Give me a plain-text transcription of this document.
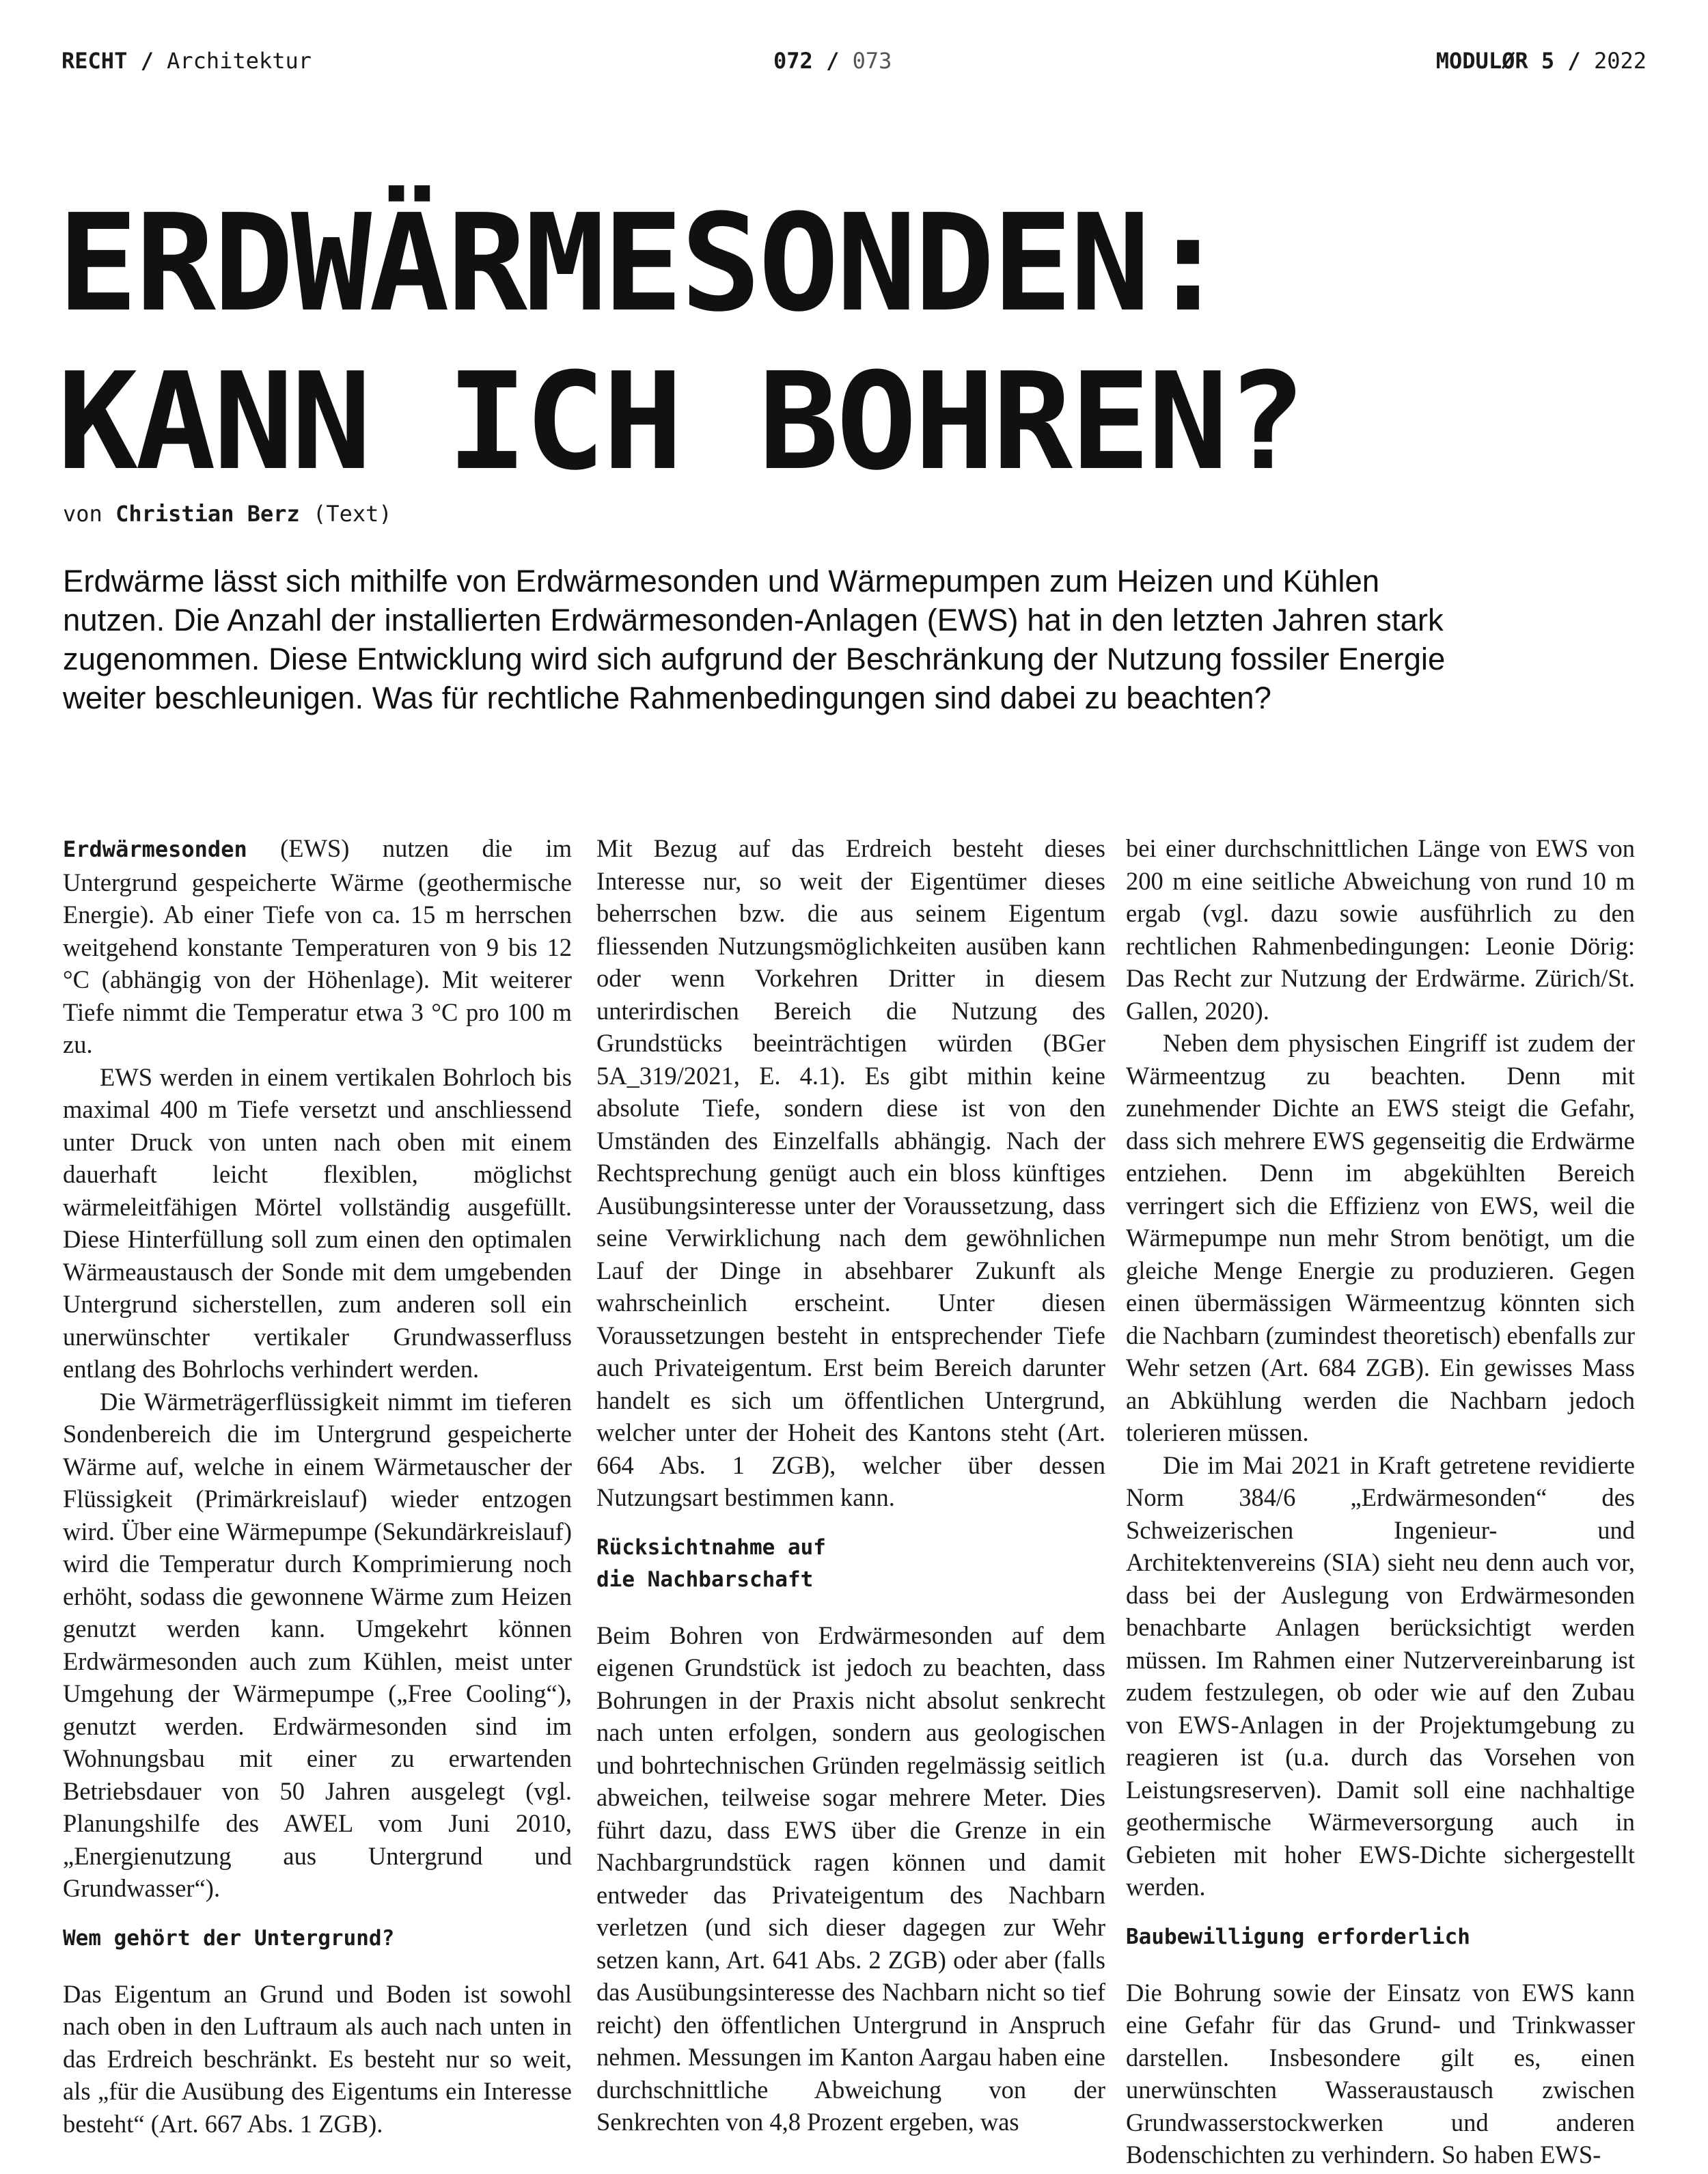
RECHT / Architektur	072 / 073	MODULØR 5 / 2022
ERDWÄRMESONDEN:
KANN ICH BOHREN?
von Christian Berz (Text)

Erdwärme lässt sich mithilfe von Erdwärmesonden und Wärmepumpen zum Heizen und Kühlen nutzen. Die Anzahl der installierten Erdwärmesonden-Anlagen (EWS) hat in den letzten Jahren stark zugenommen. Diese Entwicklung wird sich aufgrund der Beschränkung der Nutzung fossiler Energie weiter beschleunigen. Was für rechtliche Rahmenbedingungen sind dabei zu beachten?

Erdwärmesonden (EWS) nutzen die im Untergrund gespeicherte Wärme (geothermische Energie). Ab einer Tiefe von ca. 15 m herrschen weitgehend konstante Temperaturen von 9 bis 12 °C (abhängig von der Höhenlage). Mit weiterer Tiefe nimmt die Temperatur etwa 3 °C pro 100 m zu.

EWS werden in einem vertikalen Bohrloch bis maximal 400 m Tiefe versetzt und anschliessend unter Druck von unten nach oben mit einem dauerhaft leicht flexiblen, möglichst wärmeleitfähigen Mörtel vollständig ausgefüllt. Diese Hinterfüllung soll zum einen den optimalen Wärmeaustausch der Sonde mit dem umgebenden Untergrund sicherstellen, zum anderen soll ein unerwünschter vertikaler Grundwasserfluss entlang des Bohrlochs verhindert werden.

Die Wärmeträgerflüssigkeit nimmt im tieferen Sondenbereich die im Untergrund gespeicherte Wärme auf, welche in einem Wärmetauscher der Flüssigkeit (Primärkreislauf) wieder entzogen wird. Über eine Wärmepumpe (Sekundärkreislauf) wird die Temperatur durch Komprimierung noch erhöht, sodass die gewonnene Wärme zum Heizen genutzt werden kann. Umgekehrt können Erdwärmesonden auch zum Kühlen, meist unter Umgehung der Wärmepumpe („Free Cooling“), genutzt werden. Erdwärmesonden sind im Wohnungsbau mit einer zu erwartenden Betriebsdauer von 50 Jahren ausgelegt (vgl. Planungshilfe des AWEL vom Juni 2010, „Energienutzung aus Untergrund und Grundwasser“).

Wem gehört der Untergrund?

Das Eigentum an Grund und Boden ist sowohl nach oben in den Luftraum als auch nach unten in das Erdreich beschränkt. Es besteht nur so weit, als „für die Ausübung des Eigentums ein Interesse besteht“ (Art. 667 Abs. 1 ZGB).

Mit Bezug auf das Erdreich besteht dieses Interesse nur, so weit der Eigentümer dieses beherrschen bzw. die aus seinem Eigentum fliessenden Nutzungsmöglichkeiten ausüben kann oder wenn Vorkehren Dritter in diesem unterirdischen Bereich die Nutzung des Grundstücks beeinträchtigen würden (BGer 5A_319/2021, E. 4.1). Es gibt mithin keine absolute Tiefe, sondern diese ist von den Umständen des Einzelfalls abhängig. Nach der Rechtsprechung genügt auch ein bloss künftiges Ausübungsinteresse unter der Voraussetzung, dass seine Verwirklichung nach dem gewöhnlichen Lauf der Dinge in absehbarer Zukunft als wahrscheinlich erscheint. Unter diesen Voraussetzungen besteht in entsprechender Tiefe auch Privateigentum. Erst beim Bereich darunter handelt es sich um öffentlichen Untergrund, welcher unter der Hoheit des Kantons steht (Art. 664 Abs. 1 ZGB), welcher über dessen Nutzungsart bestimmen kann.

Rücksichtnahme auf
die Nachbarschaft

Beim Bohren von Erdwärmesonden auf dem eigenen Grundstück ist jedoch zu beachten, dass Bohrungen in der Praxis nicht absolut senkrecht nach unten erfolgen, sondern aus geologischen und bohrtechnischen Gründen regelmässig seitlich abweichen, teilweise sogar mehrere Meter. Dies führt dazu, dass EWS über die Grenze in ein Nachbargrundstück ragen können und damit entweder das Privateigentum des Nachbarn verletzen (und sich dieser dagegen zur Wehr setzen kann, Art. 641 Abs. 2 ZGB) oder aber (falls das Ausübungsinteresse des Nachbarn nicht so tief reicht) den öffentlichen Untergrund in Anspruch nehmen. Messungen im Kanton Aargau haben eine durchschnittliche Abweichung von der Senkrechten von 4,8 Prozent ergeben, was

bei einer durchschnittlichen Länge von EWS von 200 m eine seitliche Abweichung von rund 10 m ergab (vgl. dazu sowie ausführlich zu den rechtlichen Rahmenbedingungen: Leonie Dörig: Das Recht zur Nutzung der Erdwärme. Zürich/St. Gallen, 2020).

Neben dem physischen Eingriff ist zudem der Wärmeentzug zu beachten. Denn mit zunehmender Dichte an EWS steigt die Gefahr, dass sich mehrere EWS gegenseitig die Erdwärme entziehen. Denn im abgekühlten Bereich verringert sich die Effizienz von EWS, weil die Wärmepumpe nun mehr Strom benötigt, um die gleiche Menge Energie zu produzieren. Gegen einen übermässigen Wärmeentzug könnten sich die Nachbarn (zumindest theoretisch) ebenfalls zur Wehr setzen (Art. 684 ZGB). Ein gewisses Mass an Abkühlung werden die Nachbarn jedoch tolerieren müssen.

Die im Mai 2021 in Kraft getretene revidierte Norm 384/6 „Erdwärmesonden“ des Schweizerischen Ingenieur- und Architektenvereins (SIA) sieht neu denn auch vor, dass bei der Auslegung von Erdwärmesonden benachbarte Anlagen berücksichtigt werden müssen. Im Rahmen einer Nutzervereinbarung ist zudem festzulegen, ob oder wie auf den Zubau von EWS-Anlagen in der Projektumgebung zu reagieren ist (u.a. durch das Vorsehen von Leistungsreserven). Damit soll eine nachhaltige geothermische Wärmeversorgung auch in Gebieten mit hoher EWS-Dichte sichergestellt werden.

Baubewilligung erforderlich

Die Bohrung sowie der Einsatz von EWS kann eine Gefahr für das Grund- und Trinkwasser darstellen. Insbesondere gilt es, einen unerwünschten Wasseraustausch zwischen Grundwasserstockwerken und anderen Bodenschichten zu verhindern. So haben EWS-
